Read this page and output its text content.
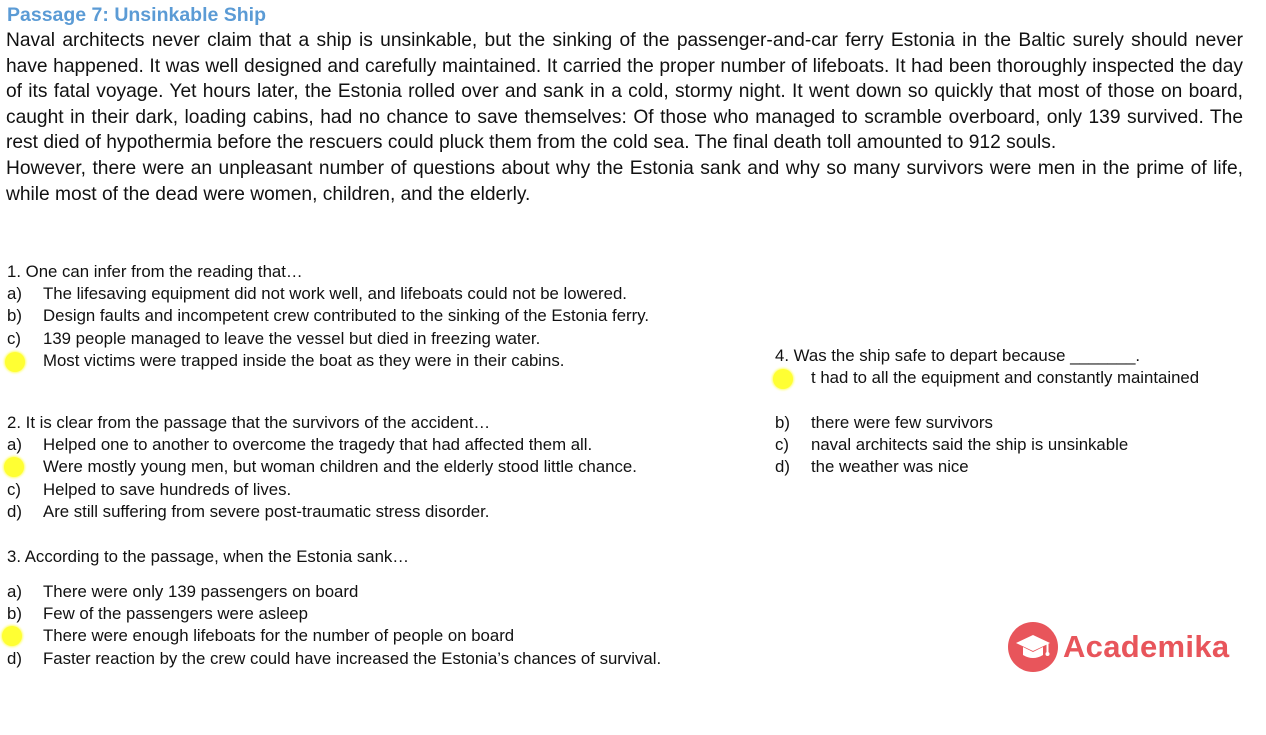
Passage 7: Unsinkable Ship

Naval architects never claim that a ship is unsinkable, but the sinking of the passenger-and-car ferry Estonia in the Baltic surely should never have happened. It was well designed and carefully maintained. It carried the proper number of lifeboats. It had been thoroughly inspected the day of its fatal voyage. Yet hours later, the Estonia rolled over and sank in a cold, stormy night. It went down so quickly that most of those on board, caught in their dark, loading cabins, had no chance to save themselves: Of those who managed to scramble overboard, only 139 survived. The rest died of hypothermia before the rescuers could pluck them from the cold sea. The final death toll amounted to 912 souls.

However, there were an unpleasant number of questions about why the Estonia sank and why so many survivors were men in the prime of life, while most of the dead were women, children, and the elderly.

1. One can infer from the reading that…
a) The lifesaving equipment did not work well, and lifeboats could not be lowered.
b) Design faults and incompetent crew contributed to the sinking of the Estonia ferry.
c) 139 people managed to leave the vessel but died in freezing water.
Most victims were trapped inside the boat as they were in their cabins.
2. It is clear from the passage that the survivors of the accident…
a) Helped one to another to overcome the tragedy that had affected them all.
Were mostly young men, but woman children and the elderly stood little chance.
c) Helped to save hundreds of lives.
d) Are still suffering from severe post-traumatic stress disorder.
3. According to the passage, when the Estonia sank…
a) There were only 139 passengers on board
b) Few of the passengers were asleep
There were enough lifeboats for the number of people on board
d) Faster reaction by the crew could have increased the Estonia’s chances of survival.
4. Was the ship safe to depart because _______.
t had to all the equipment and constantly maintained
b) there were few survivors
c) naval architects said the ship is unsinkable
d) the weather was nice
Academika
